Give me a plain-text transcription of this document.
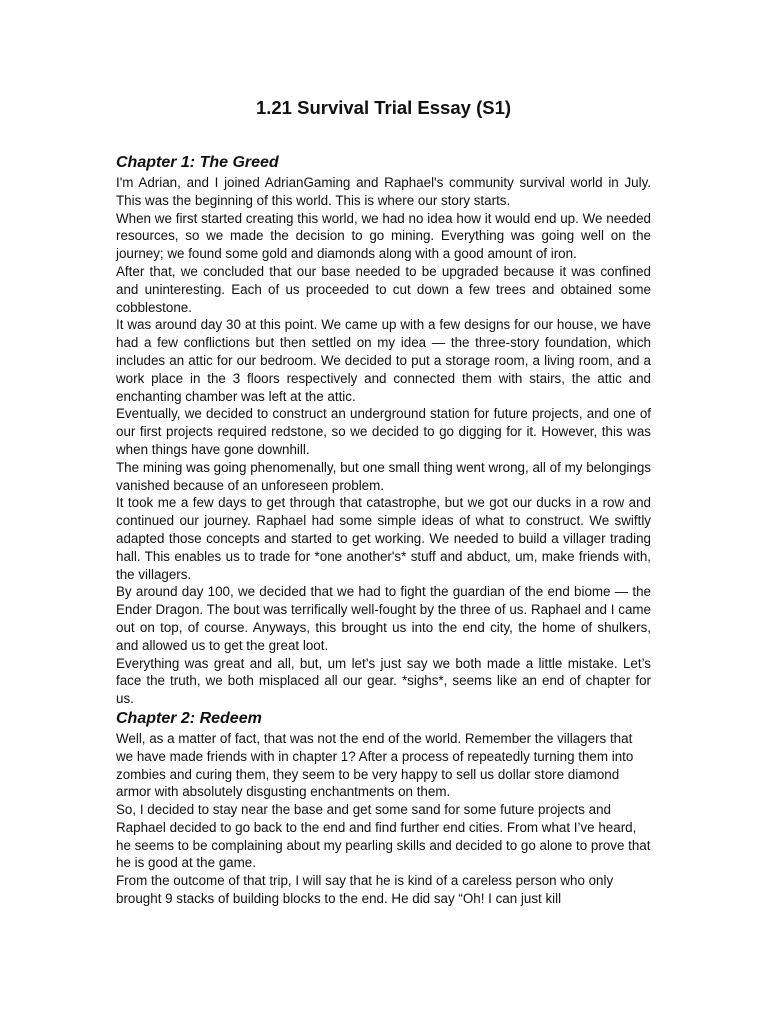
1.21 Survival Trial Essay (S1)
Chapter 1: The Greed

I'm Adrian, and I joined AdrianGaming and Raphael's community survival world in July. This was the beginning of this world. This is where our story starts.

When we first started creating this world, we had no idea how it would end up. We needed resources, so we made the decision to go mining. Everything was going well on the journey; we found some gold and diamonds along with a good amount of iron.

After that, we concluded that our base needed to be upgraded because it was confined and uninteresting. Each of us proceeded to cut down a few trees and obtained some cobblestone.

It was around day 30 at this point. We came up with a few designs for our house, we have had a few conflictions but then settled on my idea — the three-story foundation, which includes an attic for our bedroom. We decided to put a storage room, a living room, and a work place in the 3 floors respectively and connected them with stairs, the attic and enchanting chamber was left at the attic.

Eventually, we decided to construct an underground station for future projects, and one of our first projects required redstone, so we decided to go digging for it. However, this was when things have gone downhill.

The mining was going phenomenally, but one small thing went wrong, all of my belongings vanished because of an unforeseen problem.

It took me a few days to get through that catastrophe, but we got our ducks in a row and continued our journey. Raphael had some simple ideas of what to construct. We swiftly adapted those concepts and started to get working. We needed to build a villager trading hall. This enables us to trade for *one another's* stuff and abduct, um, make friends with, the villagers.

By around day 100, we decided that we had to fight the guardian of the end biome — the Ender Dragon. The bout was terrifically well-fought by the three of us. Raphael and I came out on top, of course. Anyways, this brought us into the end city, the home of shulkers, and allowed us to get the great loot.

Everything was great and all, but, um let’s just say we both made a little mistake. Let’s face the truth, we both misplaced all our gear. *sighs*, seems like an end of chapter for us.

Chapter 2: Redeem

Well, as a matter of fact, that was not the end of the world. Remember the villagers that we have made friends with in chapter 1? After a process of repeatedly turning them into zombies and curing them, they seem to be very happy to sell us dollar store diamond armor with absolutely disgusting enchantments on them.

So, I decided to stay near the base and get some sand for some future projects and Raphael decided to go back to the end and find further end cities. From what I’ve heard, he seems to be complaining about my pearling skills and decided to go alone to prove that he is good at the game.

From the outcome of that trip, I will say that he is kind of a careless person who only brought 9 stacks of building blocks to the end. He did say “Oh! I can just kill
